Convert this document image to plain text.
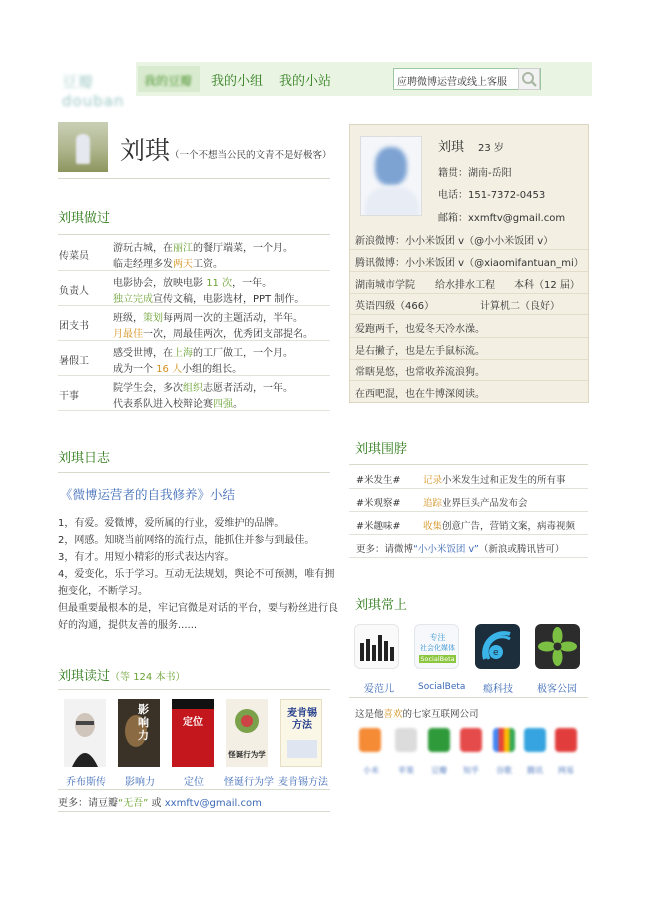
豆瓣 douban
我的豆瓣 我的小组 我的小站	应聘微博运营或线上客服
刘琪 （一个不想当公民的文青不是好极客）
刘琪做过
传菜员
游玩古城，在丽江的餐厅端菜，一个月。
临走经理多发两天工资。
负责人
电影协会，放映电影 11 次，一年。
独立完成宣传文稿，电影选材，PPT 制作。
团支书
班级，策划每两周一次的主题活动，半年。
月最佳一次，周最佳两次，优秀团支部提名。
暑假工
感受世博，在上海的工厂做工，一个月。
成为一个 16 人小组的组长。
干事
院学生会，多次组织志愿者活动，一年。
代表系队进入校辩论赛四强。
刘琪日志
《微博运营者的自我修养》小结
1，有爱。爱微博，爱所属的行业，爱维护的品牌。
2，网感。知晓当前网络的流行点，能抓住并参与到最佳。
3，有才。用短小精彩的形式表达内容。
4，爱变化，乐于学习。互动无法规划，舆论不可预测，唯有拥
抱变化，不断学习。
但最重要最根本的是，牢记官微是对话的平台，要与粉丝进行良
好的沟通，提供友善的服务......
刘琪读过（等 124 本书）
影响力
定位
怪诞行为学
麦肯锡方法
乔布斯传 影响力	定位 怪诞行为学 麦肯锡方法
更多：请豆瓣“无吾” 或 xxmftv@gmail.com
刘琪 23 岁
籍贯：湖南-岳阳
电话：151-7372-0453
邮箱：xxmftv@gmail.com
新浪微博：小小米饭团 v（@小小米饭团 v）
腾讯微博：小小米饭团 v（@xiaomifantuan_mi）
湖南城市学院 给水排水工程 本科（12 届）
英语四级（466）	计算机二（良好）
爱跑两千，也爱冬天冷水澡。
是右撇子，也是左手鼠标流。
常瞎晃悠，也常收养流浪狗。
在西吧混，也在牛博深阅读。
刘琪围脖
#米发生# 记录小米发生过和正发生的所有事
#米观察# 追踪业界巨头产品发布会
#米趣味# 收集创意广告，营销文案，病毒视频
更多：请微博“小小米饭团 v”（新浪或腾讯皆可）
刘琪常上
专注
社会化媒体
SocialBeta
e
爱范儿	SocialBeta 瘾科技 极客公园
这是他喜欢的七家互联网公司
小米 苹果 豆瓣 知乎 谷歌 腾讯 网易
